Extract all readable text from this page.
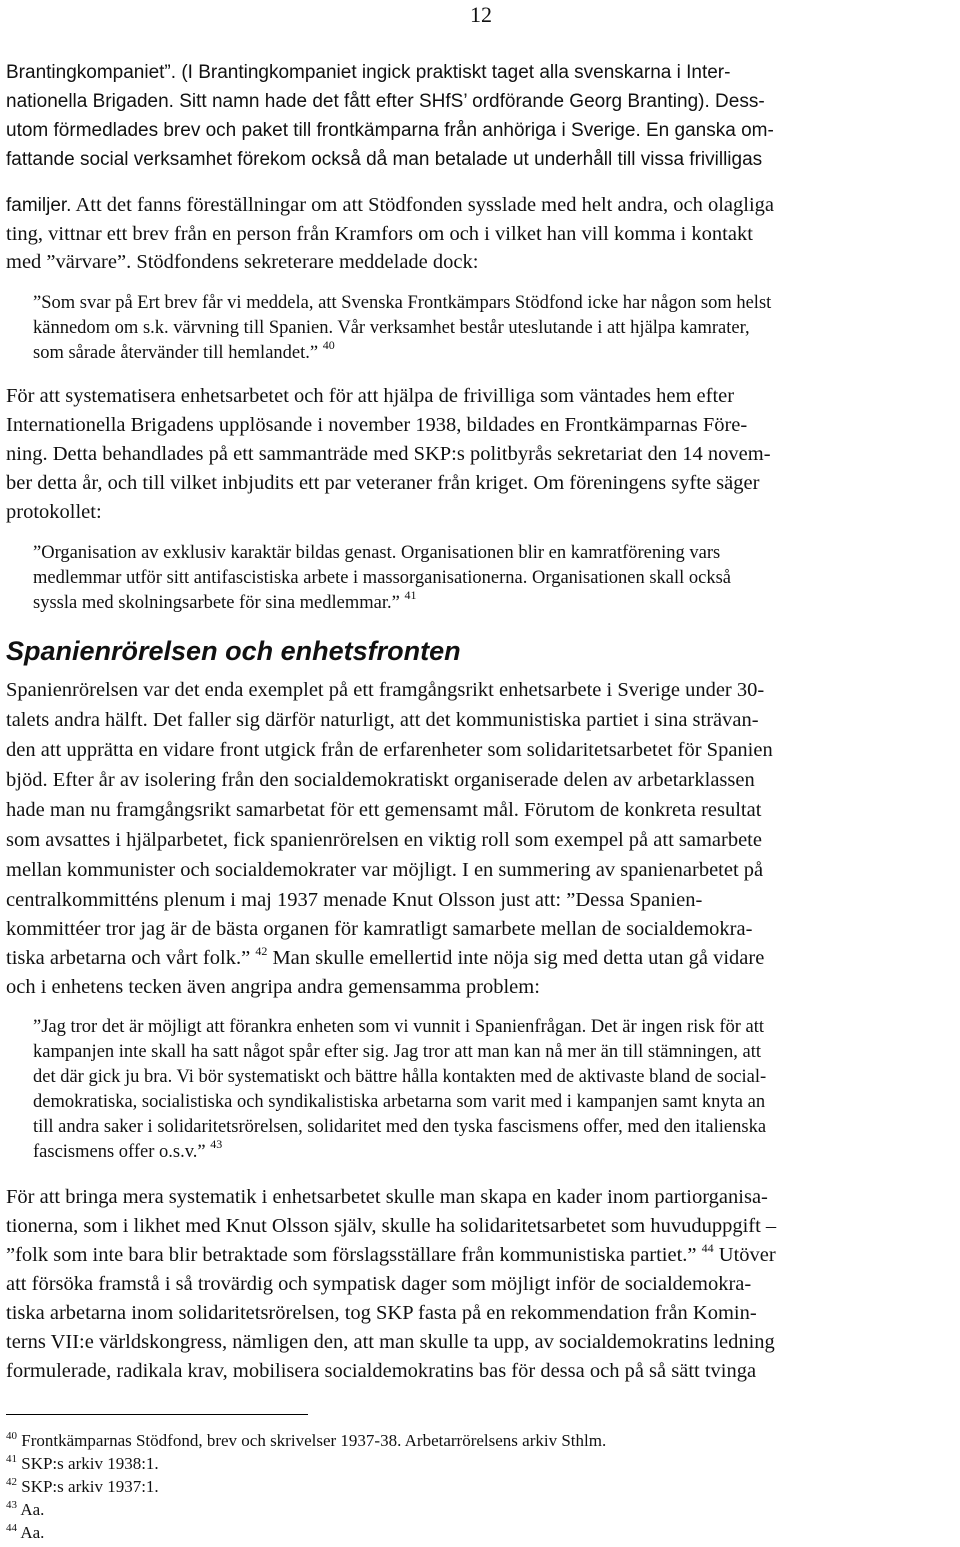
12
Brantingkompaniet”. (I Brantingkompaniet ingick praktiskt taget alla svenskarna i Inter-
nationella Brigaden. Sitt namn hade det fått efter SHfS’ ordförande Georg Branting). Dess-
utom förmedlades brev och paket till frontkämparna från anhöriga i Sverige. En ganska om-
fattande social verksamhet förekom också då man betalade ut underhåll till vissa frivilligas
familjer. Att det fanns föreställningar om att Stödfonden sysslade med helt andra, och olagliga
ting, vittnar ett brev från en person från Kramfors om och i vilket han vill komma i kontakt
med ”värvare”. Stödfondens sekreterare meddelade dock:
”Som svar på Ert brev får vi meddela, att Svenska Frontkämpars Stödfond icke har någon som helst
kännedom om s.k. värvning till Spanien. Vår verksamhet består uteslutande i att hjälpa kamrater,
som sårade återvänder till hemlandet.” $^{40}$
För att systematisera enhetsarbetet och för att hjälpa de frivilliga som väntades hem efter
Internationella Brigadens upplösande i november 1938, bildades en Frontkämparnas Före-
ning. Detta behandlades på ett sammanträde med SKP:s politbyrås sekretariat den 14 novem-
ber detta år, och till vilket inbjudits ett par veteraner från kriget. Om föreningens syfte säger
protokollet:
”Organisation av exklusiv karaktär bildas genast. Organisationen blir en kamratförening vars
medlemmar utför sitt antifascistiska arbete i massorganisationerna. Organisationen skall också
syssla med skolningsarbete för sina medlemmar.” $^{41}$
Spanienrörelsen och enhetsfronten
Spanienrörelsen var det enda exemplet på ett framgångsrikt enhetsarbete i Sverige under 30-
talets andra hälft. Det faller sig därför naturligt, att det kommunistiska partiet i sina strävan-
den att upprätta en vidare front utgick från de erfarenheter som solidaritetsarbetet för Spanien
bjöd. Efter år av isolering från den socialdemokratiskt organiserade delen av arbetarklassen
hade man nu framgångsrikt samarbetat för ett gemensamt mål. Förutom de konkreta resultat
som avsattes i hjälparbetet, fick spanienrörelsen en viktig roll som exempel på att samarbete
mellan kommunister och socialdemokrater var möjligt. I en summering av spanienarbetet på
centralkommitténs plenum i maj 1937 menade Knut Olsson just att: ”Dessa Spanien-
kommittéer tror jag är de bästa organen för kamratligt samarbete mellan de socialdemokra-
tiska arbetarna och vårt folk.” $^{42}$ Man skulle emellertid inte nöja sig med detta utan gå vidare
och i enhetens tecken även angripa andra gemensamma problem:
”Jag tror det är möjligt att förankra enheten som vi vunnit i Spanienfrågan. Det är ingen risk för att
kampanjen inte skall ha satt något spår efter sig. Jag tror att man kan nå mer än till stämningen, att
det där gick ju bra. Vi bör systematiskt och bättre hålla kontakten med de aktivaste bland de social-
demokratiska, socialistiska och syndikalistiska arbetarna som varit med i kampanjen samt knyta an
till andra saker i solidaritetsrörelsen, solidaritet med den tyska fascismens offer, med den italienska
fascismens offer o.s.v.” $^{43}$
För att bringa mera systematik i enhetsarbetet skulle man skapa en kader inom partiorganisa-
tionerna, som i likhet med Knut Olsson själv, skulle ha solidaritetsarbetet som huvuduppgift –
”folk som inte bara blir betraktade som förslagsställare från kommunistiska partiet.” $^{44}$ Utöver
att försöka framstå i så trovärdig och sympatisk dager som möjligt inför de socialdemokra-
tiska arbetarna inom solidaritetsrörelsen, tog SKP fasta på en rekommendation från Komin-
terns VII:e världskongress, nämligen den, att man skulle ta upp, av socialdemokratins ledning
formulerade, radikala krav, mobilisera socialdemokratins bas för dessa och på så sätt tvinga
$^{40}$ Frontkämparnas Stödfond, brev och skrivelser 1937-38. Arbetarrörelsens arkiv Sthlm.
$^{41}$ SKP:s arkiv 1938:1.
$^{42}$ SKP:s arkiv 1937:1.
$^{43}$ Aa.
$^{44}$ Aa.
